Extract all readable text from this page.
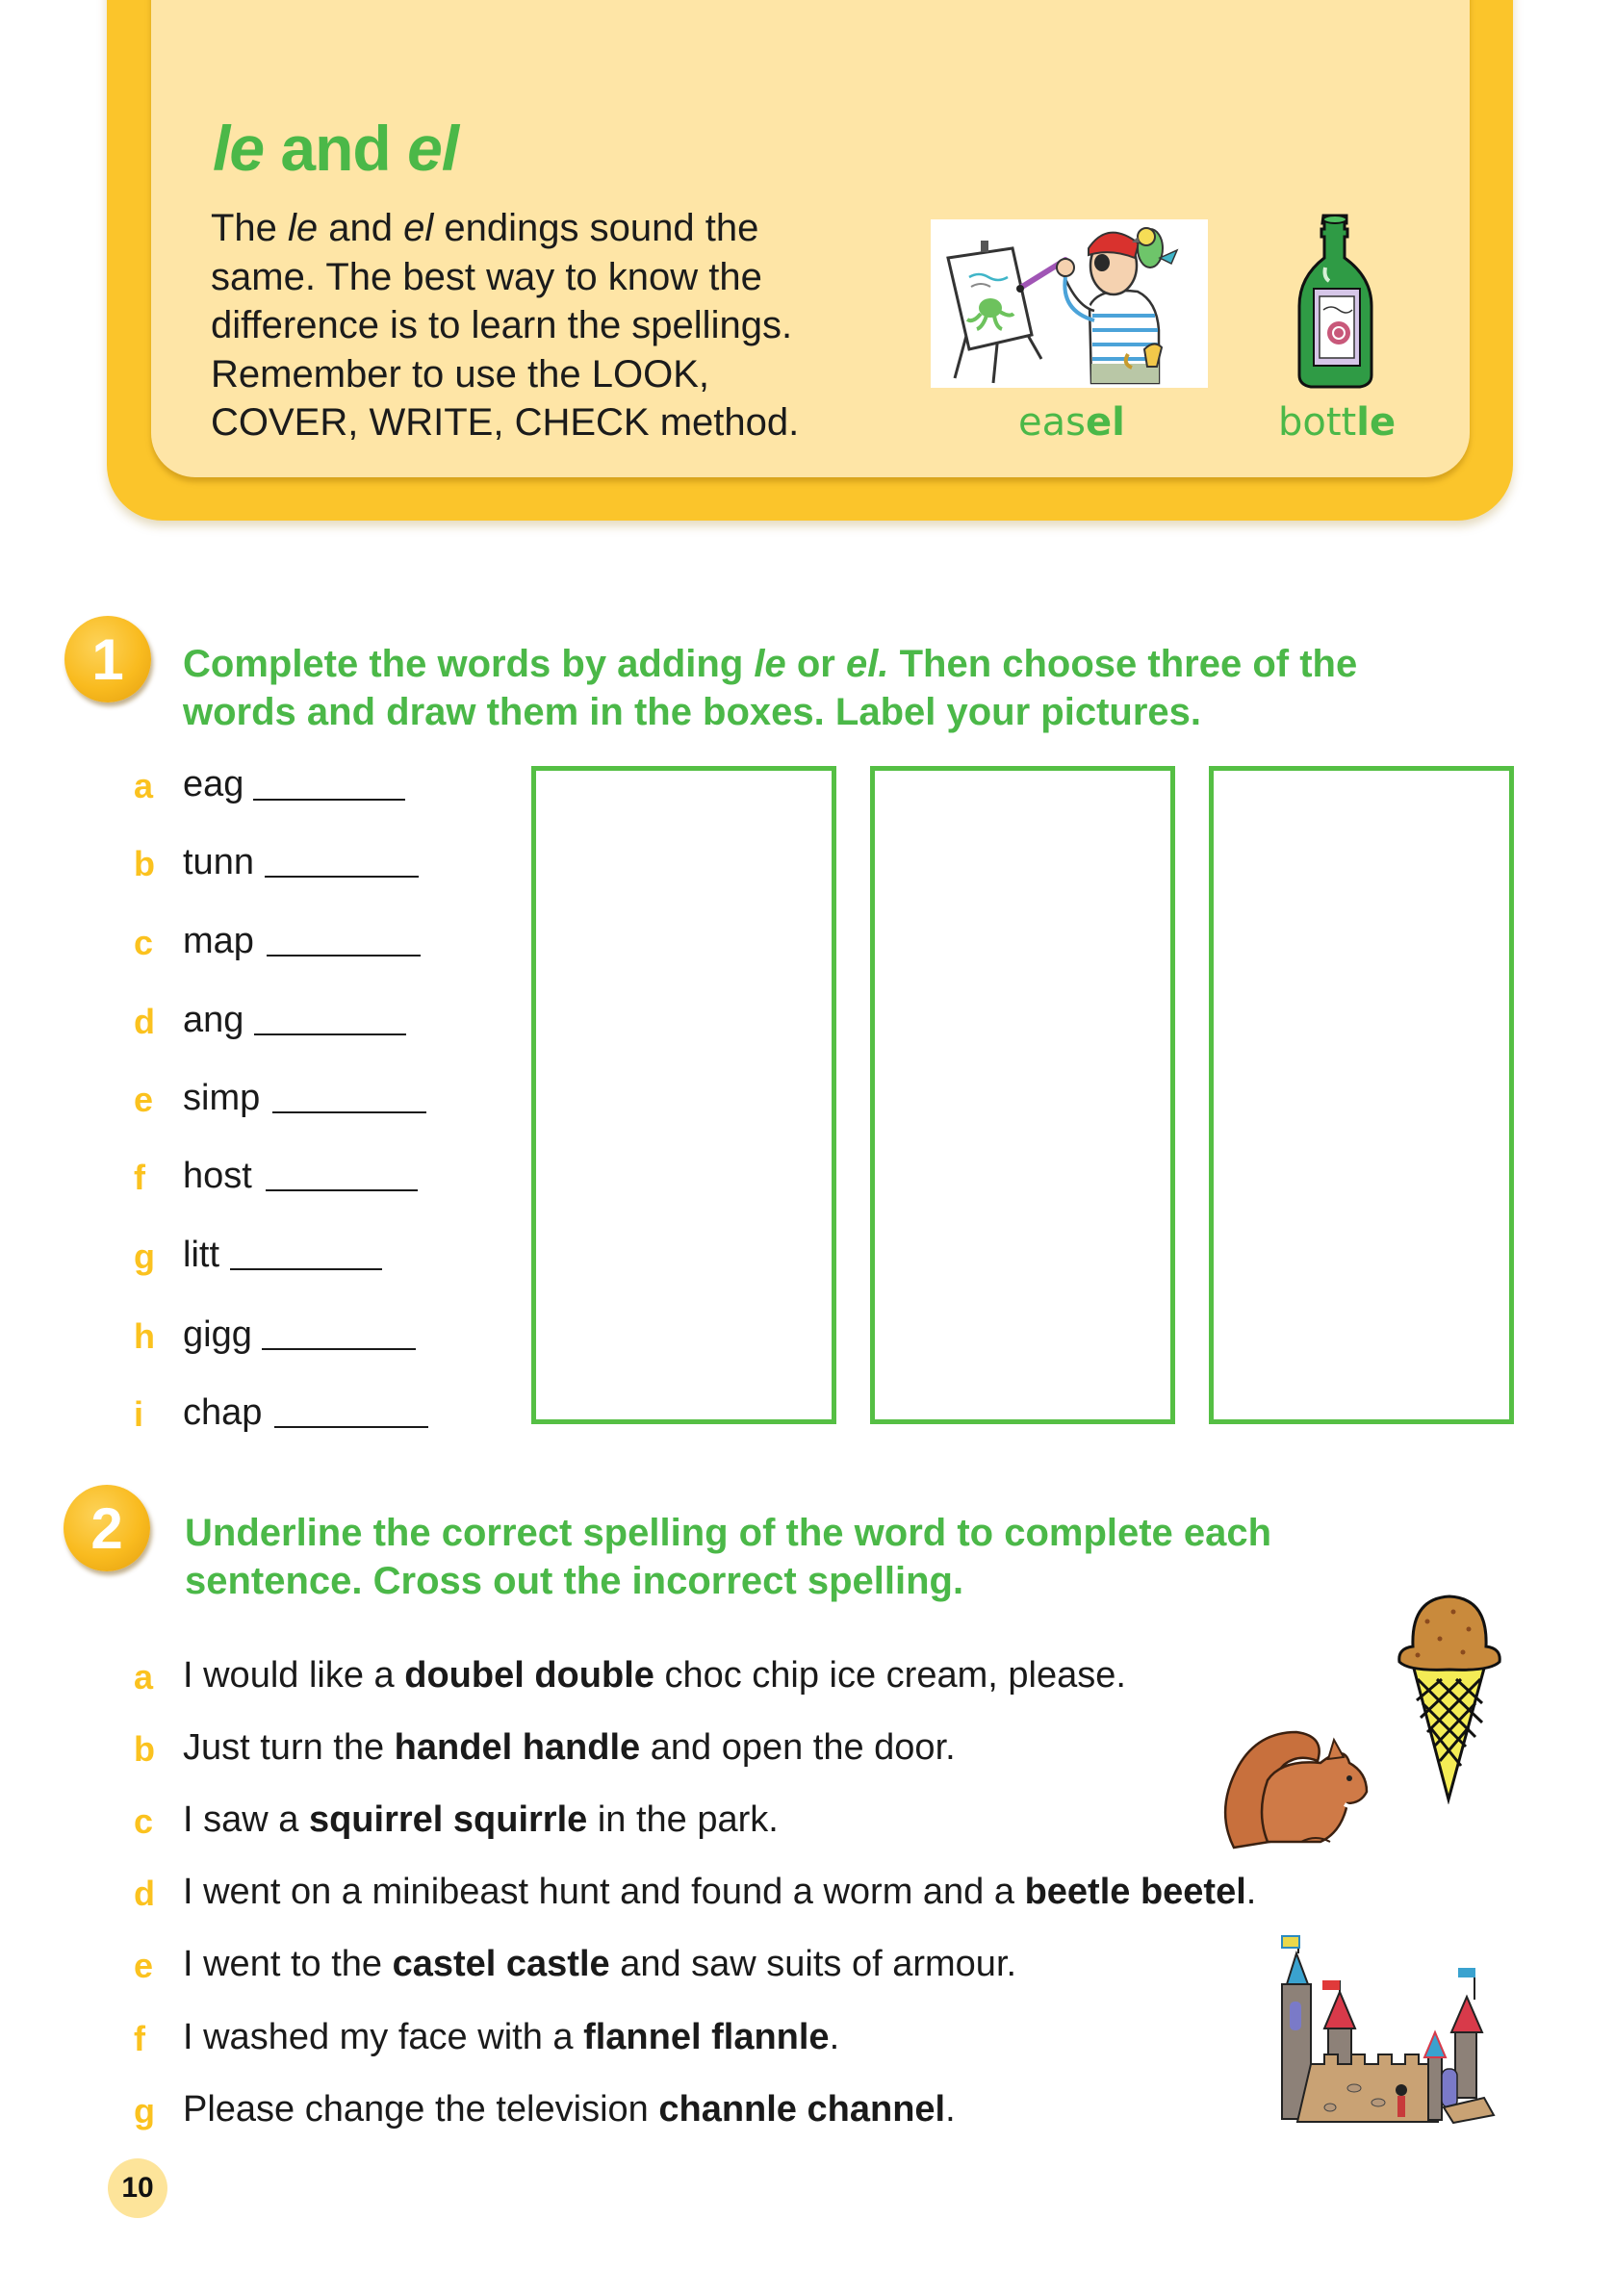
le and el
The le and el endings sound the
same. The best way to know the
difference is to learn the spellings.
Remember to use the LOOK,
COVER, WRITE, CHECK method.	easel	bottle
1	Complete the words by adding le or el. Then choose three of the
words and draw them in the boxes. Label your pictures.
a eag
b tunn
c map
d ang
e simp
f host
g litt
h gigg
i chap
2	Underline the correct spelling of the word to complete each
sentence. Cross out the incorrect spelling.
a I would like a doubel double choc chip ice cream, please.
b Just turn the handel handle and open the door.
c I saw a squirrel squirrle in the park.
d I went on a minibeast hunt and found a worm and a beetle beetel.
e I went to the castel castle and saw suits of armour.
f I washed my face with a flannel flannle.
g Please change the television channle channel.
10
